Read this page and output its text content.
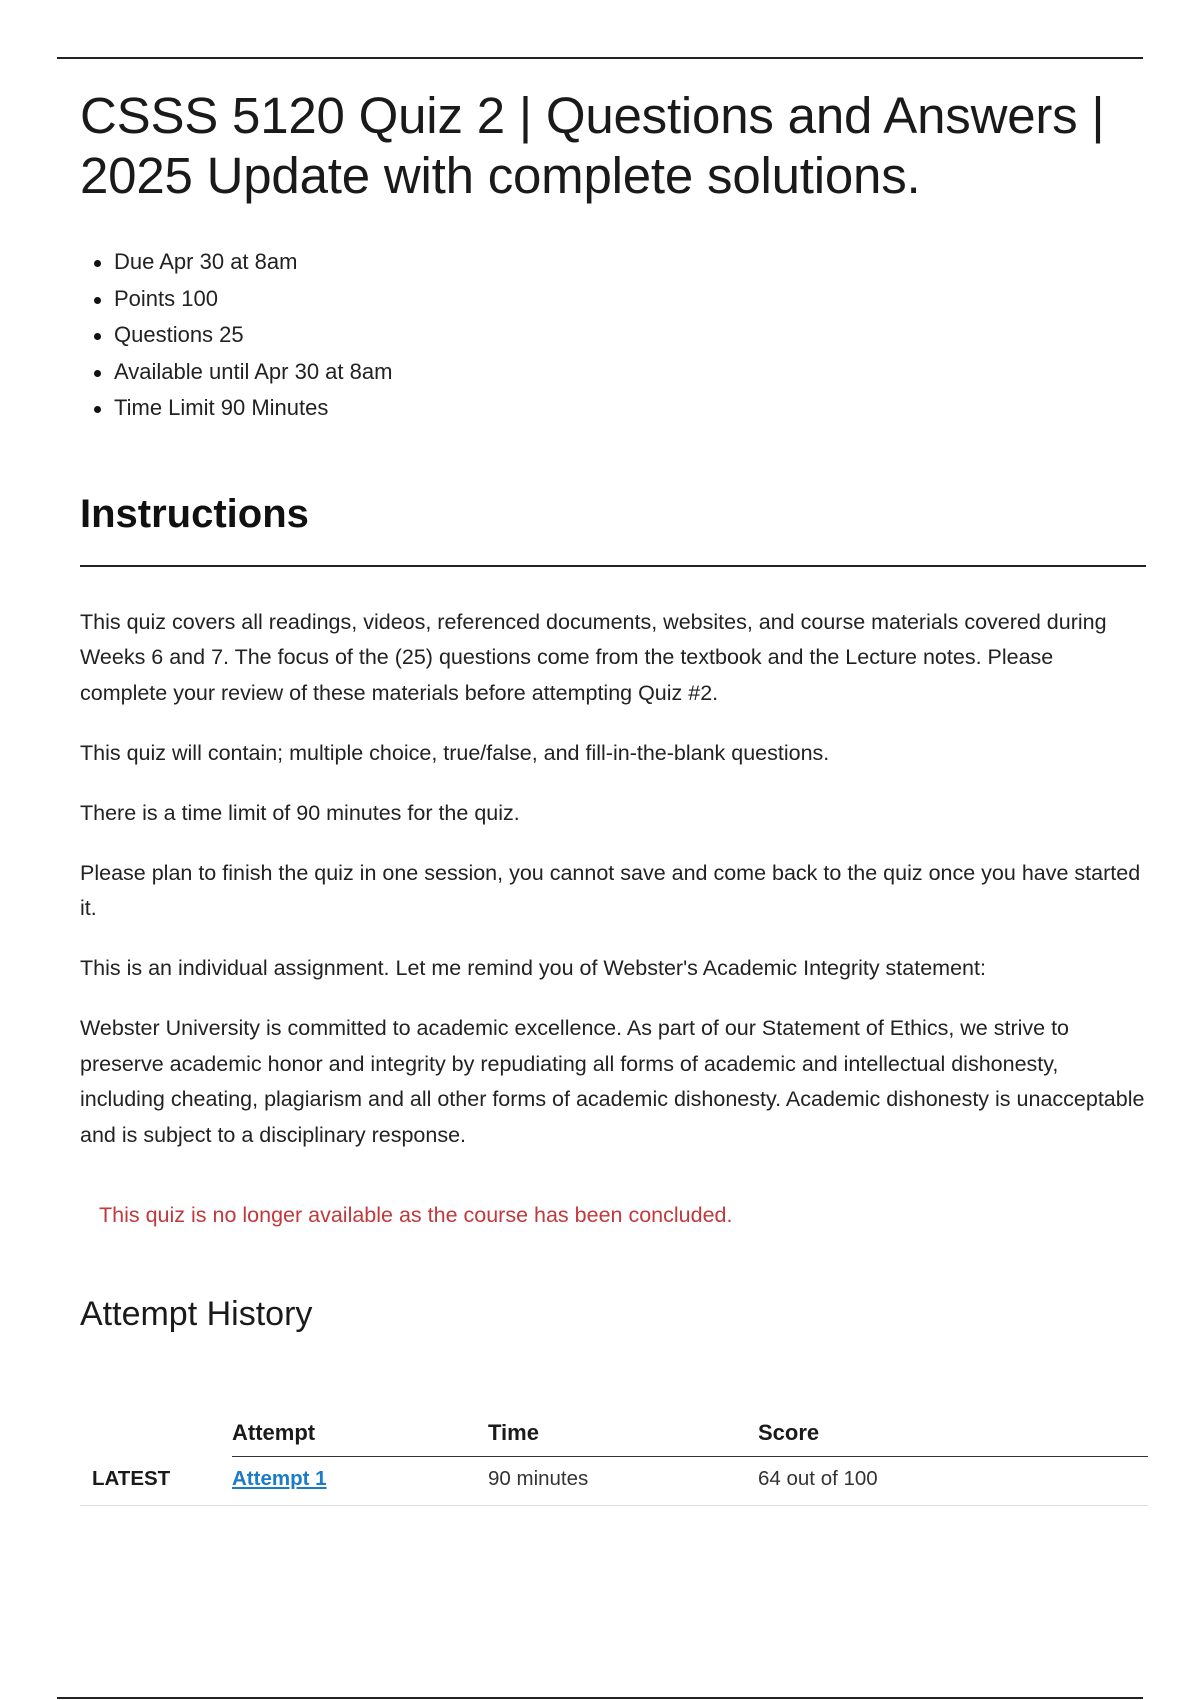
CSSS 5120 Quiz 2 | Questions and Answers | 2025 Update with complete solutions.
Due Apr 30 at 8am
Points 100
Questions 25
Available until Apr 30 at 8am
Time Limit 90 Minutes
Instructions

This quiz covers all readings, videos, referenced documents, websites, and course materials covered during Weeks 6 and 7. The focus of the (25) questions come from the textbook and the Lecture notes. Please complete your review of these materials before attempting Quiz #2.

This quiz will contain; multiple choice, true/false, and fill-in-the-blank questions.

There is a time limit of 90 minutes for the quiz.

Please plan to finish the quiz in one session, you cannot save and come back to the quiz once you have started it.

This is an individual assignment. Let me remind you of Webster's Academic Integrity statement:

Webster University is committed to academic excellence. As part of our Statement of Ethics, we strive to preserve academic honor and integrity by repudiating all forms of academic and intellectual dishonesty, including cheating, plagiarism and all other forms of academic dishonesty. Academic dishonesty is unacceptable and is subject to a disciplinary response.

This quiz is no longer available as the course has been concluded.
Attempt History
	Attempt	Time	Score
LATEST	Attempt 1	90 minutes	64 out of 100
